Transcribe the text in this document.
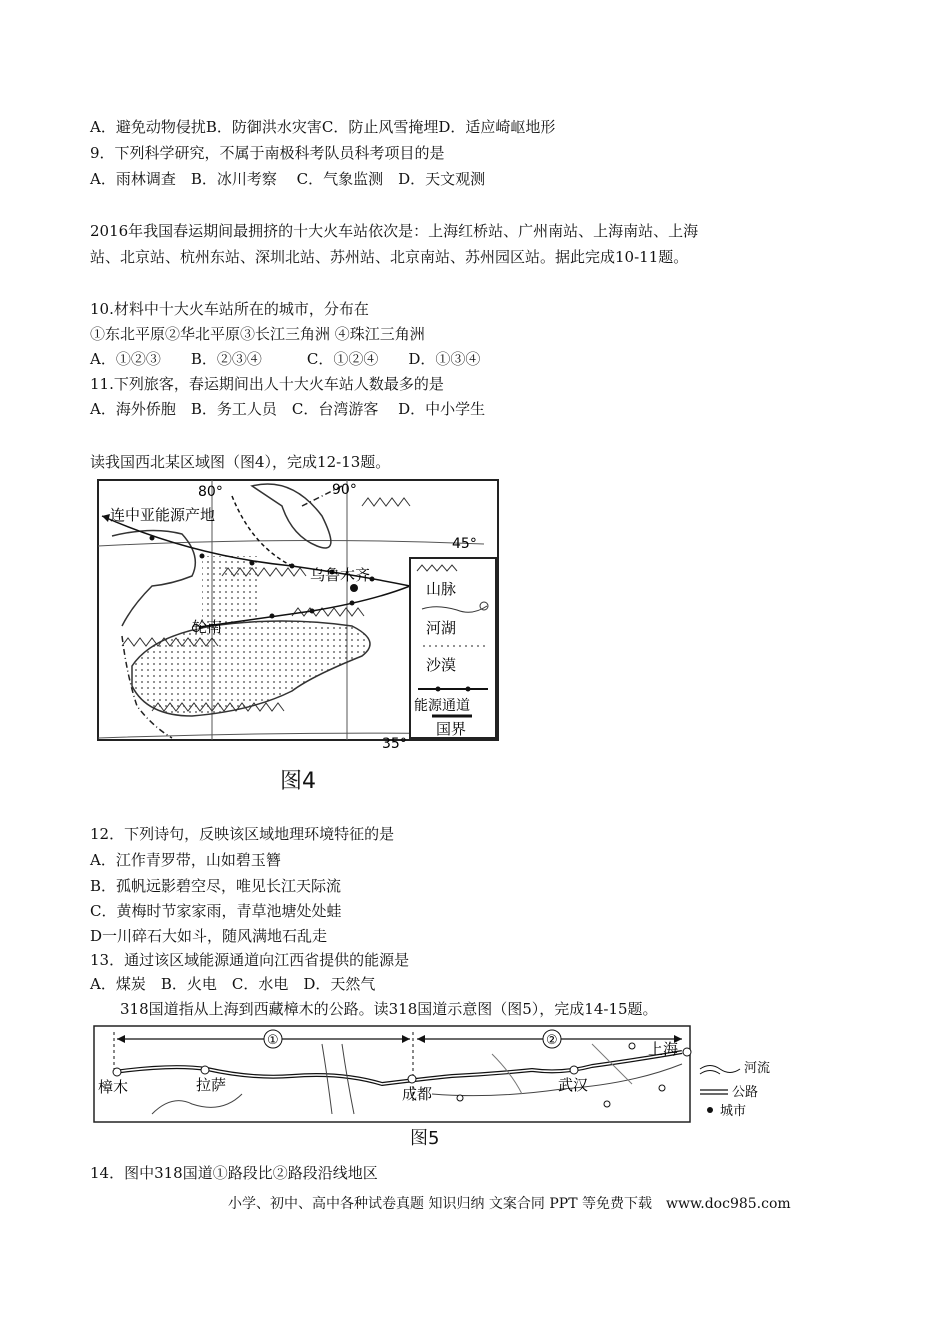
A．避免动物侵扰B．防御洪水灾害C．防止风雪掩埋D．适应崎岖地形
9．下列科学研究，不属于南极科考队员科考项目的是
A．雨林调查　B．冰川考察　 C．气象监测　D．天文观测
2016年我国春运期间最拥挤的十大火车站依次是：上海红桥站、广州南站、上海南站、上海
站、北京站、杭州东站、深圳北站、苏州站、北京南站、苏州园区站。据此完成10-11题。
10.材料中十大火车站所在的城市，分布在
①东北平原②华北平原③长江三角洲 ④珠江三角洲
A．①②③　　B．②③④　　　C．①②④　　D．①③④
11.下列旅客，春运期间出人十大火车站人数最多的是
A．海外侨胞　B．务工人员　C．台湾游客　 D．中小学生
读我国西北某区域图（图4），完成12-13题。
80°	90°
45°
35°
连中亚能源产地
乌鲁木齐
轮南
山脉
河湖
沙漠
能源通道
国界
图4
12．下列诗句，反映该区域地理环境特征的是
A．江作青罗带，山如碧玉簪
B．孤帆远影碧空尽，唯见长江天际流
C．黄梅时节家家雨，青草池塘处处蛙
D一川碎石大如斗，随风满地石乱走
13．通过该区域能源通道向江西省提供的能源是
A．煤炭　B．火电　C．水电　D．天然气
　　318国道指从上海到西藏樟木的公路。读318国道示意图（图5），完成14-15题。
①	②
樟木	拉萨	成都	武汉
上海
河流
公路
城市
图5
14．图中318国道①路段比②路段沿线地区
小学、初中、高中各种试卷真题 知识归纳 文案合同 PPT 等免费下载　www.doc985.com
